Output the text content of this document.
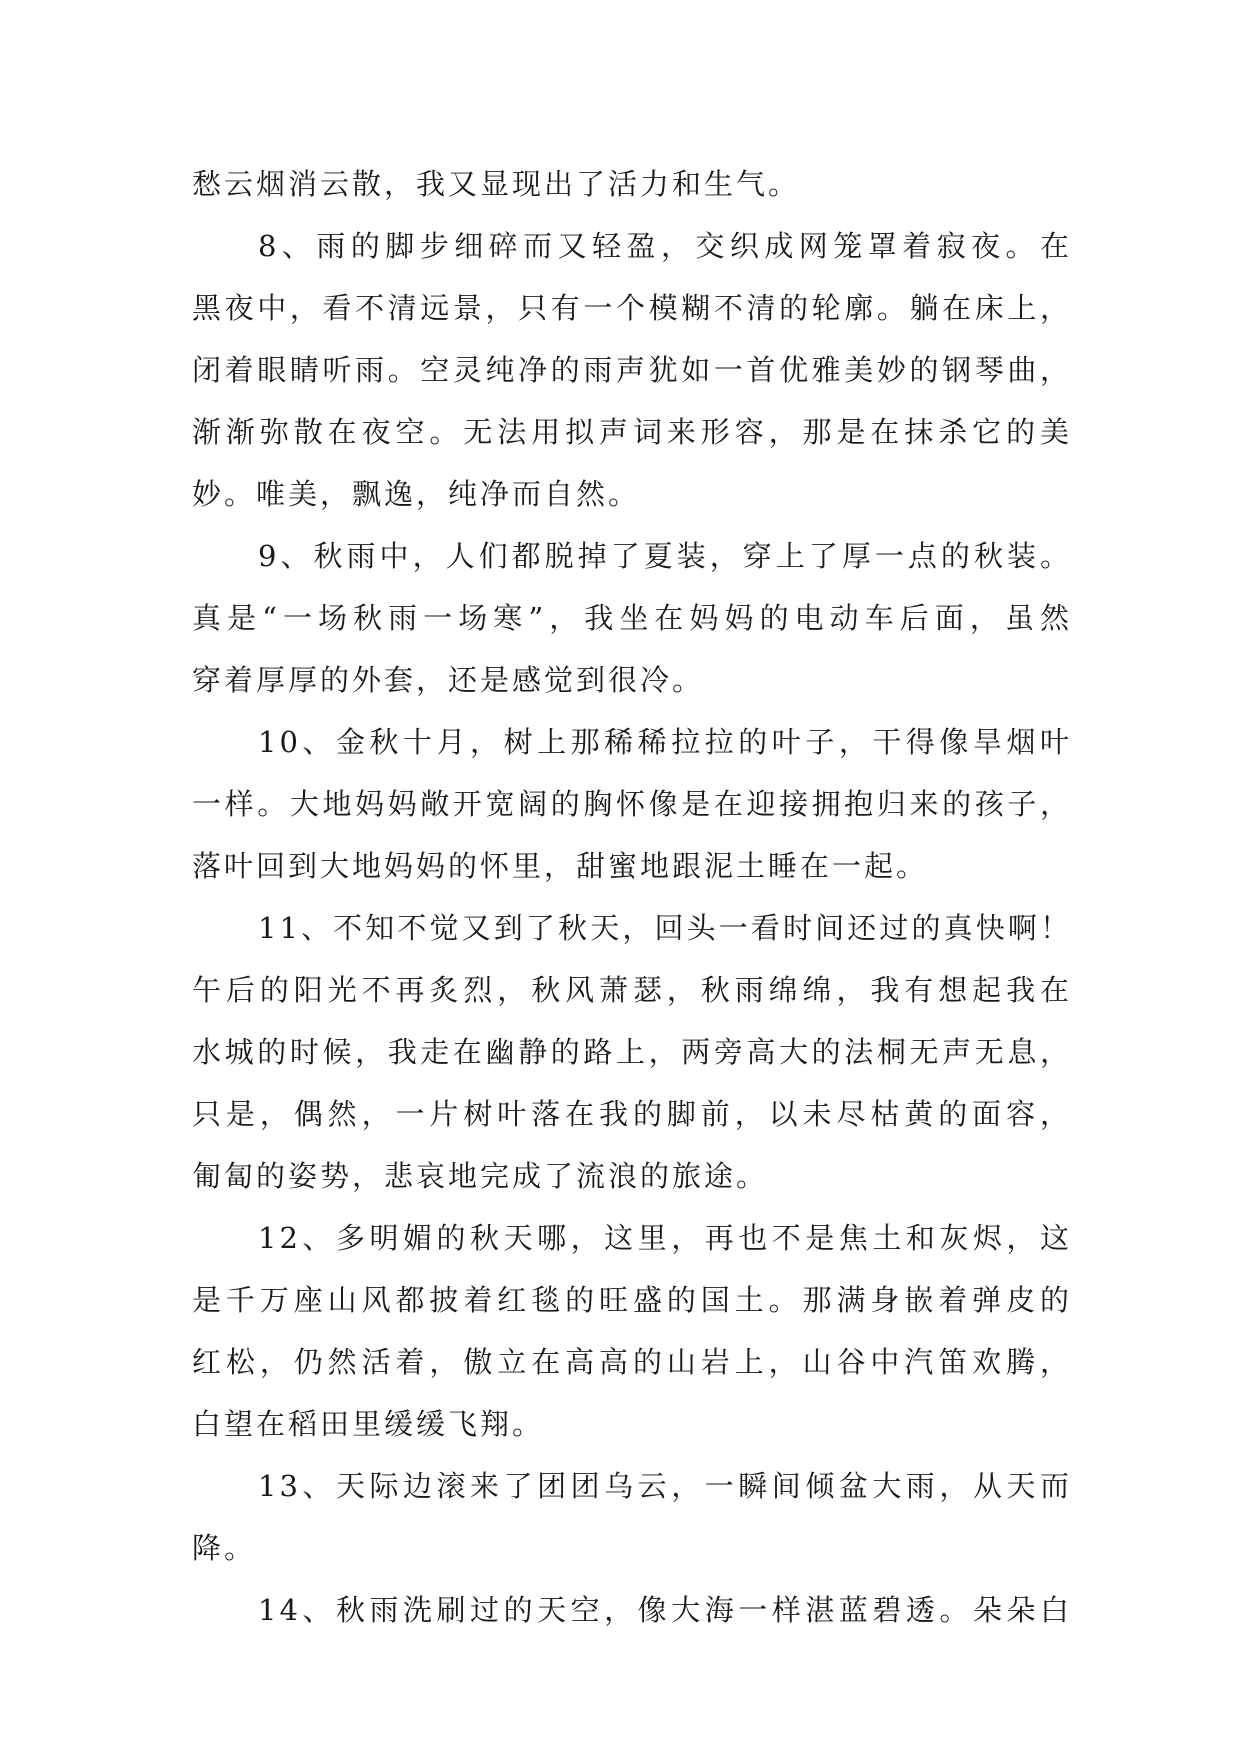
愁云烟消云散，我又显现出了活力和生气。
8、雨的脚步细碎而又轻盈，交织成网笼罩着寂夜。在
黑夜中，看不清远景，只有一个模糊不清的轮廓。躺在床上，
闭着眼睛听雨。空灵纯净的雨声犹如一首优雅美妙的钢琴曲，
渐渐弥散在夜空。无法用拟声词来形容，那是在抹杀它的美
妙。唯美，飘逸，纯净而自然。
9、秋雨中，人们都脱掉了夏装，穿上了厚一点的秋装。
真是“一场秋雨一场寒”，我坐在妈妈的电动车后面，虽然
穿着厚厚的外套，还是感觉到很冷。
10、金秋十月，树上那稀稀拉拉的叶子，干得像旱烟叶
一样。大地妈妈敞开宽阔的胸怀像是在迎接拥抱归来的孩子，
落叶回到大地妈妈的怀里，甜蜜地跟泥土睡在一起。
11、不知不觉又到了秋天，回头一看时间还过的真快啊！
午后的阳光不再炙烈，秋风萧瑟，秋雨绵绵，我有想起我在
水城的时候，我走在幽静的路上，两旁高大的法桐无声无息，
只是，偶然，一片树叶落在我的脚前，以未尽枯黄的面容，
匍匐的姿势，悲哀地完成了流浪的旅途。
12、多明媚的秋天哪，这里，再也不是焦土和灰烬，这
是千万座山风都披着红毯的旺盛的国土。那满身嵌着弹皮的
红松，仍然活着，傲立在高高的山岩上，山谷中汽笛欢腾，
白望在稻田里缓缓飞翔。
13、天际边滚来了团团乌云，一瞬间倾盆大雨，从天而
降。
14、秋雨洗刷过的天空，像大海一样湛蓝碧透。朵朵白
